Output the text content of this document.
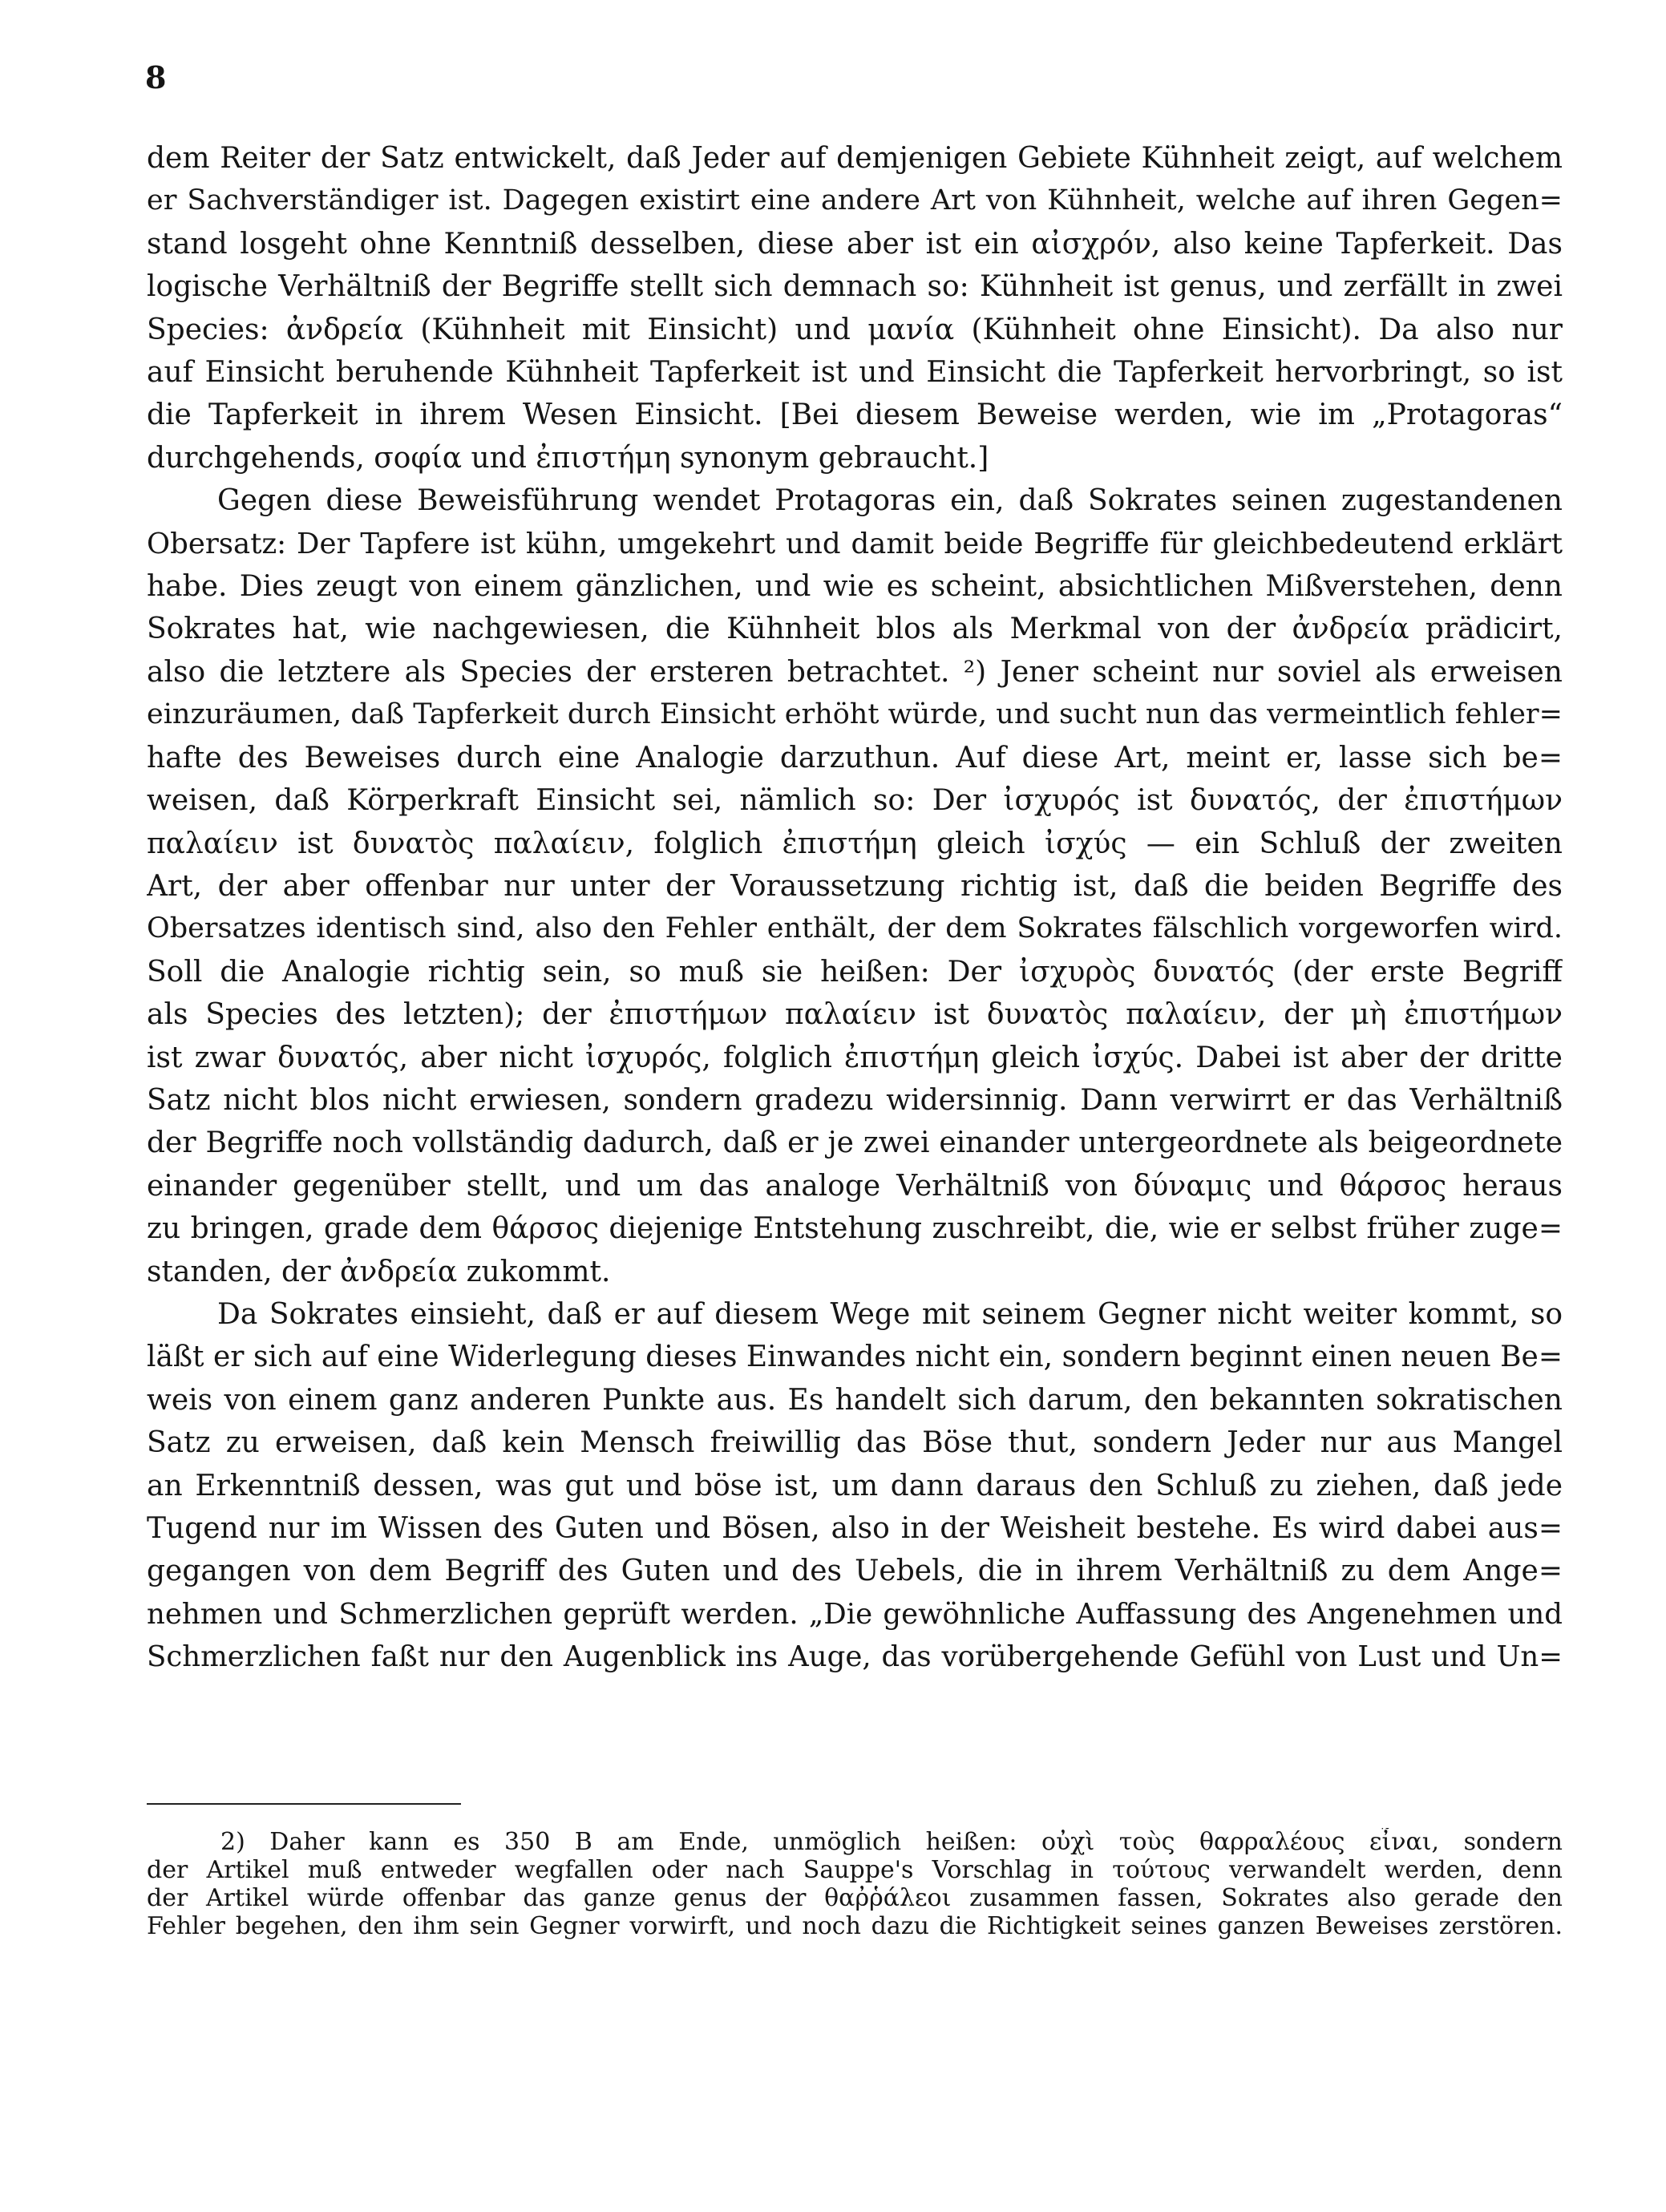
8

dem Reiter der Satz entwickelt, daß Jeder auf demjenigen Gebiete Kühnheit zeigt, auf welchem
er Sachverständiger ist. Dagegen existirt eine andere Art von Kühnheit, welche auf ihren Gegen=
stand losgeht ohne Kenntniß desselben, diese aber ist ein αἰσχρόν, also keine Tapferkeit. Das
logische Verhältniß der Begriffe stellt sich demnach so: Kühnheit ist genus, und zerfällt in zwei
Species: ἀνδρεία (Kühnheit mit Einsicht) und μανία (Kühnheit ohne Einsicht). Da also nur
auf Einsicht beruhende Kühnheit Tapferkeit ist und Einsicht die Tapferkeit hervorbringt, so ist
die Tapferkeit in ihrem Wesen Einsicht. [Bei diesem Beweise werden, wie im „Protagoras“
durchgehends, σοφία und ἐπιστήμη synonym gebraucht.]

Gegen diese Beweisführung wendet Protagoras ein, daß Sokrates seinen zugestandenen
Obersatz: Der Tapfere ist kühn, umgekehrt und damit beide Begriffe für gleichbedeutend erklärt
habe. Dies zeugt von einem gänzlichen, und wie es scheint, absichtlichen Mißverstehen, denn
Sokrates hat, wie nachgewiesen, die Kühnheit blos als Merkmal von der ἀνδρεία prädicirt,
also die letztere als Species der ersteren betrachtet. ²) Jener scheint nur soviel als erweisen
einzuräumen, daß Tapferkeit durch Einsicht erhöht würde, und sucht nun das vermeintlich fehler=
hafte des Beweises durch eine Analogie darzuthun. Auf diese Art, meint er, lasse sich be=
weisen, daß Körperkraft Einsicht sei, nämlich so: Der ἰσχυρός ist δυνατός, der ἐπιστήμων
παλαίειν ist δυνατὸς παλαίειν, folglich ἐπιστήμη gleich ἰσχύς — ein Schluß der zweiten
Art, der aber offenbar nur unter der Voraussetzung richtig ist, daß die beiden Begriffe des
Obersatzes identisch sind, also den Fehler enthält, der dem Sokrates fälschlich vorgeworfen wird.
Soll die Analogie richtig sein, so muß sie heißen: Der ἰσχυρὸς δυνατός (der erste Begriff
als Species des letzten); der ἐπιστήμων παλαίειν ist δυνατὸς παλαίειν, der μὴ ἐπιστήμων
ist zwar δυνατός, aber nicht ἰσχυρός, folglich ἐπιστήμη gleich ἰσχύς. Dabei ist aber der dritte
Satz nicht blos nicht erwiesen, sondern gradezu widersinnig. Dann verwirrt er das Verhältniß
der Begriffe noch vollständig dadurch, daß er je zwei einander untergeordnete als beigeordnete
einander gegenüber stellt, und um das analoge Verhältniß von δύναμις und θάρσος heraus
zu bringen, grade dem θάρσος diejenige Entstehung zuschreibt, die, wie er selbst früher zuge=
standen, der ἀνδρεία zukommt.

Da Sokrates einsieht, daß er auf diesem Wege mit seinem Gegner nicht weiter kommt, so
läßt er sich auf eine Widerlegung dieses Einwandes nicht ein, sondern beginnt einen neuen Be=
weis von einem ganz anderen Punkte aus. Es handelt sich darum, den bekannten sokratischen
Satz zu erweisen, daß kein Mensch freiwillig das Böse thut, sondern Jeder nur aus Mangel
an Erkenntniß dessen, was gut und böse ist, um dann daraus den Schluß zu ziehen, daß jede
Tugend nur im Wissen des Guten und Bösen, also in der Weisheit bestehe. Es wird dabei aus=
gegangen von dem Begriff des Guten und des Uebels, die in ihrem Verhältniß zu dem Ange=
nehmen und Schmerzlichen geprüft werden. „Die gewöhnliche Auffassung des Angenehmen und
Schmerzlichen faßt nur den Augenblick ins Auge, das vorübergehende Gefühl von Lust und Un=

2) Daher kann es 350 B am Ende, unmöglich heißen: οὐχὶ τοὺς θαρραλέους εἶναι, sondern
der Artikel muß entweder wegfallen oder nach Sauppe's Vorschlag in τούτους verwandelt werden, denn
der Artikel würde offenbar das ganze genus der θαῤῥάλεοι zusammen fassen, Sokrates also gerade den
Fehler begehen, den ihm sein Gegner vorwirft, und noch dazu die Richtigkeit seines ganzen Beweises zerstören.
